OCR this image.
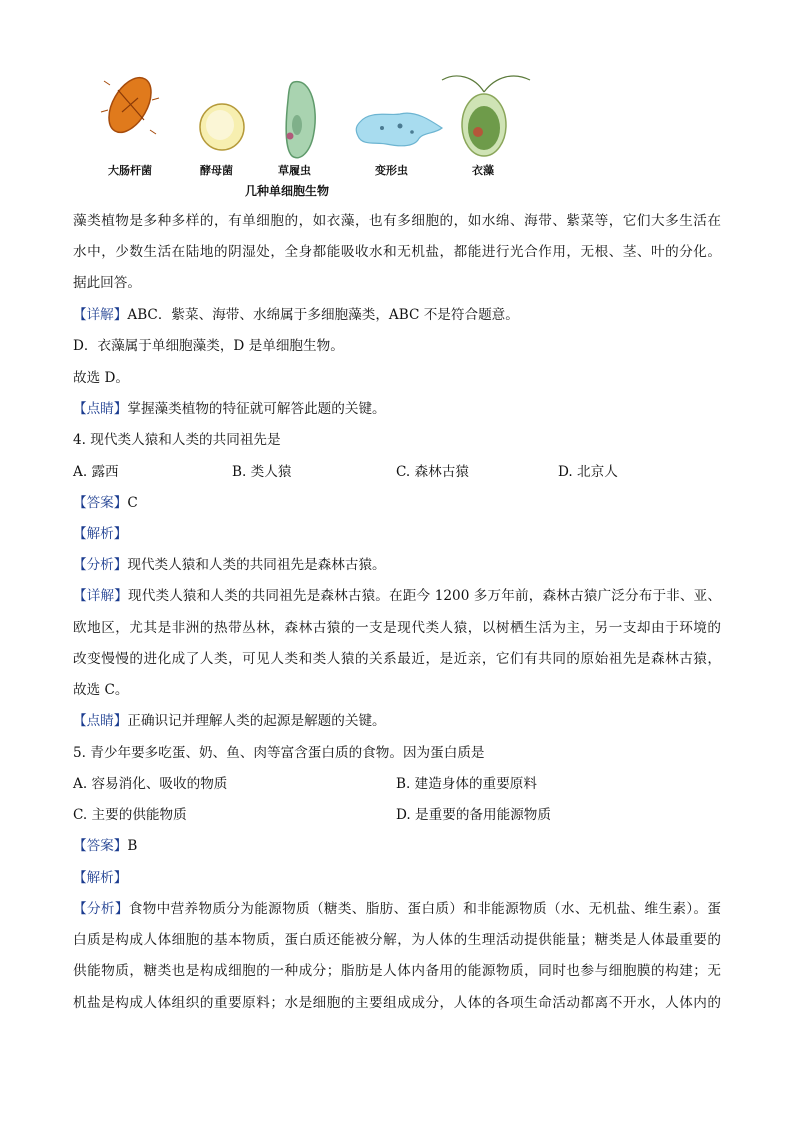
大肠杆菌	酵母菌	草履虫	变形虫	衣藻
几种单细胞生物
藻类植物是多种多样的，有单细胞的，如衣藻，也有多细胞的，如水绵、海带、紫菜等，它们大多生活在
水中，少数生活在陆地的阴湿处，全身都能吸收水和无机盐，都能进行光合作用，无根、茎、叶的分化。
据此回答。
【详解】ABC．紫菜、海带、水绵属于多细胞藻类，ABC 不是符合题意。
D．衣藻属于单细胞藻类，D 是单细胞生物。
故选 D。
【点睛】掌握藻类植物的特征就可解答此题的关键。
4. 现代类人猿和人类的共同祖先是
A. 露西	B. 类人猿	C. 森林古猿	D. 北京人
【答案】C
【解析】
【分析】现代类人猿和人类的共同祖先是森林古猿。
【详解】现代类人猿和人类的共同祖先是森林古猿。在距今 1200 多万年前，森林古猿广泛分布于非、亚、
欧地区，尤其是非洲的热带丛林，森林古猿的一支是现代类人猿，以树栖生活为主，另一支却由于环境的
改变慢慢的进化成了人类，可见人类和类人猿的关系最近，是近亲，它们有共同的原始祖先是森林古猿，
故选 C。
【点睛】正确识记并理解人类的起源是解题的关键。
5. 青少年要多吃蛋、奶、鱼、肉等富含蛋白质的食物。因为蛋白质是
A. 容易消化、吸收的物质	B. 建造身体的重要原料
C. 主要的供能物质	D. 是重要的备用能源物质
【答案】B
【解析】
【分析】食物中营养物质分为能源物质（糖类、脂肪、蛋白质）和非能源物质（水、无机盐、维生素）。蛋
白质是构成人体细胞的基本物质，蛋白质还能被分解，为人体的生理活动提供能量；糖类是人体最重要的
供能物质，糖类也是构成细胞的一种成分；脂肪是人体内备用的能源物质，同时也参与细胞膜的构建；无
机盐是构成人体组织的重要原料；水是细胞的主要组成成分，人体的各项生命活动都离不开水，人体内的
